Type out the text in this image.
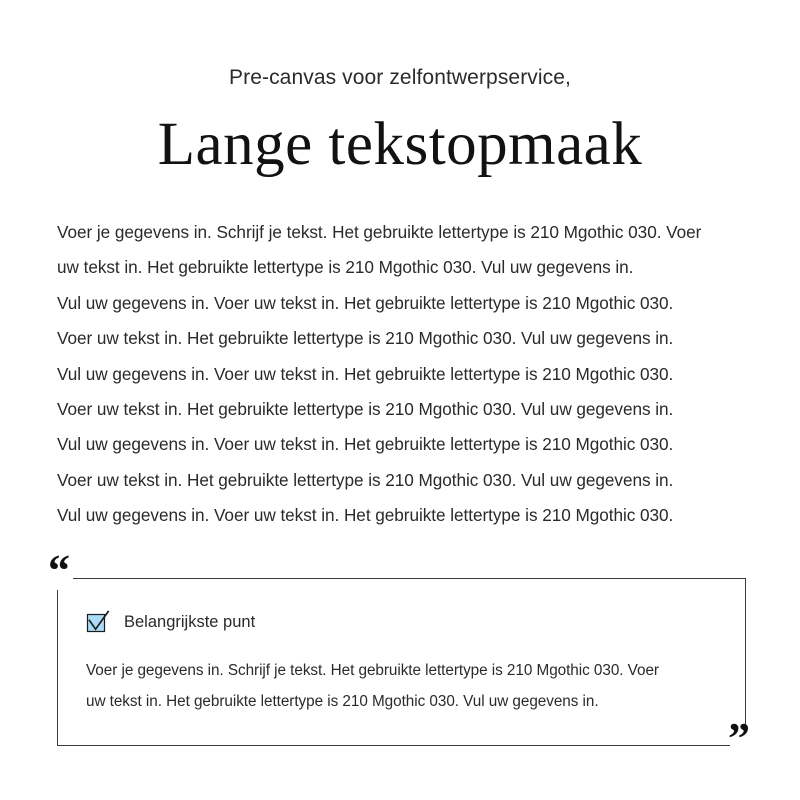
Pre-canvas voor zelfontwerpservice,
Lange tekstopmaak
Voer je gegevens in. Schrijf je tekst. Het gebruikte lettertype is 210 Mgothic 030. Voer
uw tekst in. Het gebruikte lettertype is 210 Mgothic 030. Vul uw gegevens in.
Vul uw gegevens in. Voer uw tekst in. Het gebruikte lettertype is 210 Mgothic 030.
Voer uw tekst in. Het gebruikte lettertype is 210 Mgothic 030. Vul uw gegevens in.
Vul uw gegevens in. Voer uw tekst in. Het gebruikte lettertype is 210 Mgothic 030.
Voer uw tekst in. Het gebruikte lettertype is 210 Mgothic 030. Vul uw gegevens in.
Vul uw gegevens in. Voer uw tekst in. Het gebruikte lettertype is 210 Mgothic 030.
Voer uw tekst in. Het gebruikte lettertype is 210 Mgothic 030. Vul uw gegevens in.
Vul uw gegevens in. Voer uw tekst in. Het gebruikte lettertype is 210 Mgothic 030.
“
”
Belangrijkste punt
Voer je gegevens in. Schrijf je tekst. Het gebruikte lettertype is 210 Mgothic 030. Voer
uw tekst in. Het gebruikte lettertype is 210 Mgothic 030. Vul uw gegevens in.
